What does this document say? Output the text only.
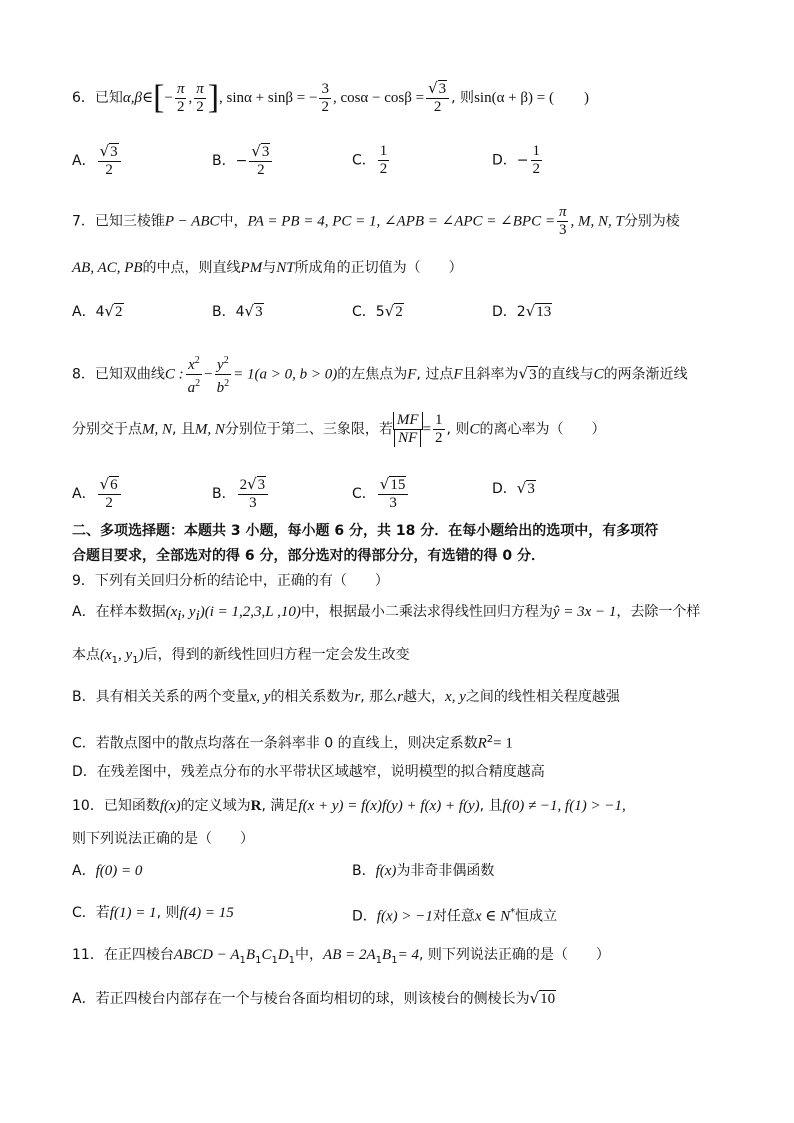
6．已知α,β∈[− $\frac{\pi}{2}$ , $\frac{\pi}{2}$ ], sinα + sinβ = − $\frac{3}{2}$ , $\cos\alpha - \cos\beta = \frac{√3}{2}$ , 则sin(α + β) = (　　)
A． $\frac{√3}{2}$	B．− $\frac{√3}{2}$	C． $\frac{1}{2}$	D．− $\frac{1}{2}$
7．已知三棱锥P − ABC中，PA = PB = 4, PC = 1, ∠APB = ∠APC = ∠BPC = $\frac{\pi}{3}$ , M, N, T分别为棱
AB, AC, PB的中点，则直线PM与NT所成角的正切值为（　　）
A．4√2	B．4√3	C．5√2	D．2√13
8．已知双曲线C : $\frac{x^2}{a^2} - \frac{y^2}{b^2} = 1(a > 0$, b > 0)的左焦点为F, 过点F且斜率为√3的直线与C的两条渐近线
分别交于点M, N, 且M, N分别位于第二、三象限，若 $\frac{MF}{NF} = \frac{1}{2}$ , 则C的离心率为（　　）
A． $\frac{√6}{2}$	B． $\frac{2√3}{3}$	C． $\frac{√15}{3}$	D．√3
二、多项选择题：本题共 3 小题，每小题 6 分，共 18 分．在每小题给出的选项中，有多项符
合题目要求，全部选对的得 6 分，部分选对的得部分分，有选错的得 0 分．
9．下列有关回归分析的结论中，正确的有（　　）
A．在样本数据($x_i$, $y_i)(i = 1,2,3,L$ ,10)中，根据最小二乘法求得线性回归方程为ŷ = 3x − 1，去除一个样
本点($x_1$, $y_1$)后，得到的新线性回归方程一定会发生改变
B．具有相关关系的两个变量x, y的相关系数为r, 那么r越大，x, y之间的线性相关程度越强
C．若散点图中的散点均落在一条斜率非 0 的直线上，则决定系数$R^2= 1$
D．在残差图中，残差点分布的水平带状区域越窄，说明模型的拟合精度越高
10．已知函数f(x)的定义域为R, 满足f(x + y) = f(x)f(y) + f(x) + f(y), 且f(0) ≠ −1, f(1) > −1,
则下列说法正确的是（　　）
A．f(0) = 0	B．f(x)为非奇非偶函数
C．若f(1) = 1, 则f(4) = 15	D．f(x) > −1对任意x ∈ N*恒成立
11．在正四棱台ABCD − $A_1B_1C_1D_1$中，AB = $2A_1B_1= 4$, 则下列说法正确的是（　　）
A．若正四棱台内部存在一个与棱台各面均相切的球，则该棱台的侧棱长为√10
